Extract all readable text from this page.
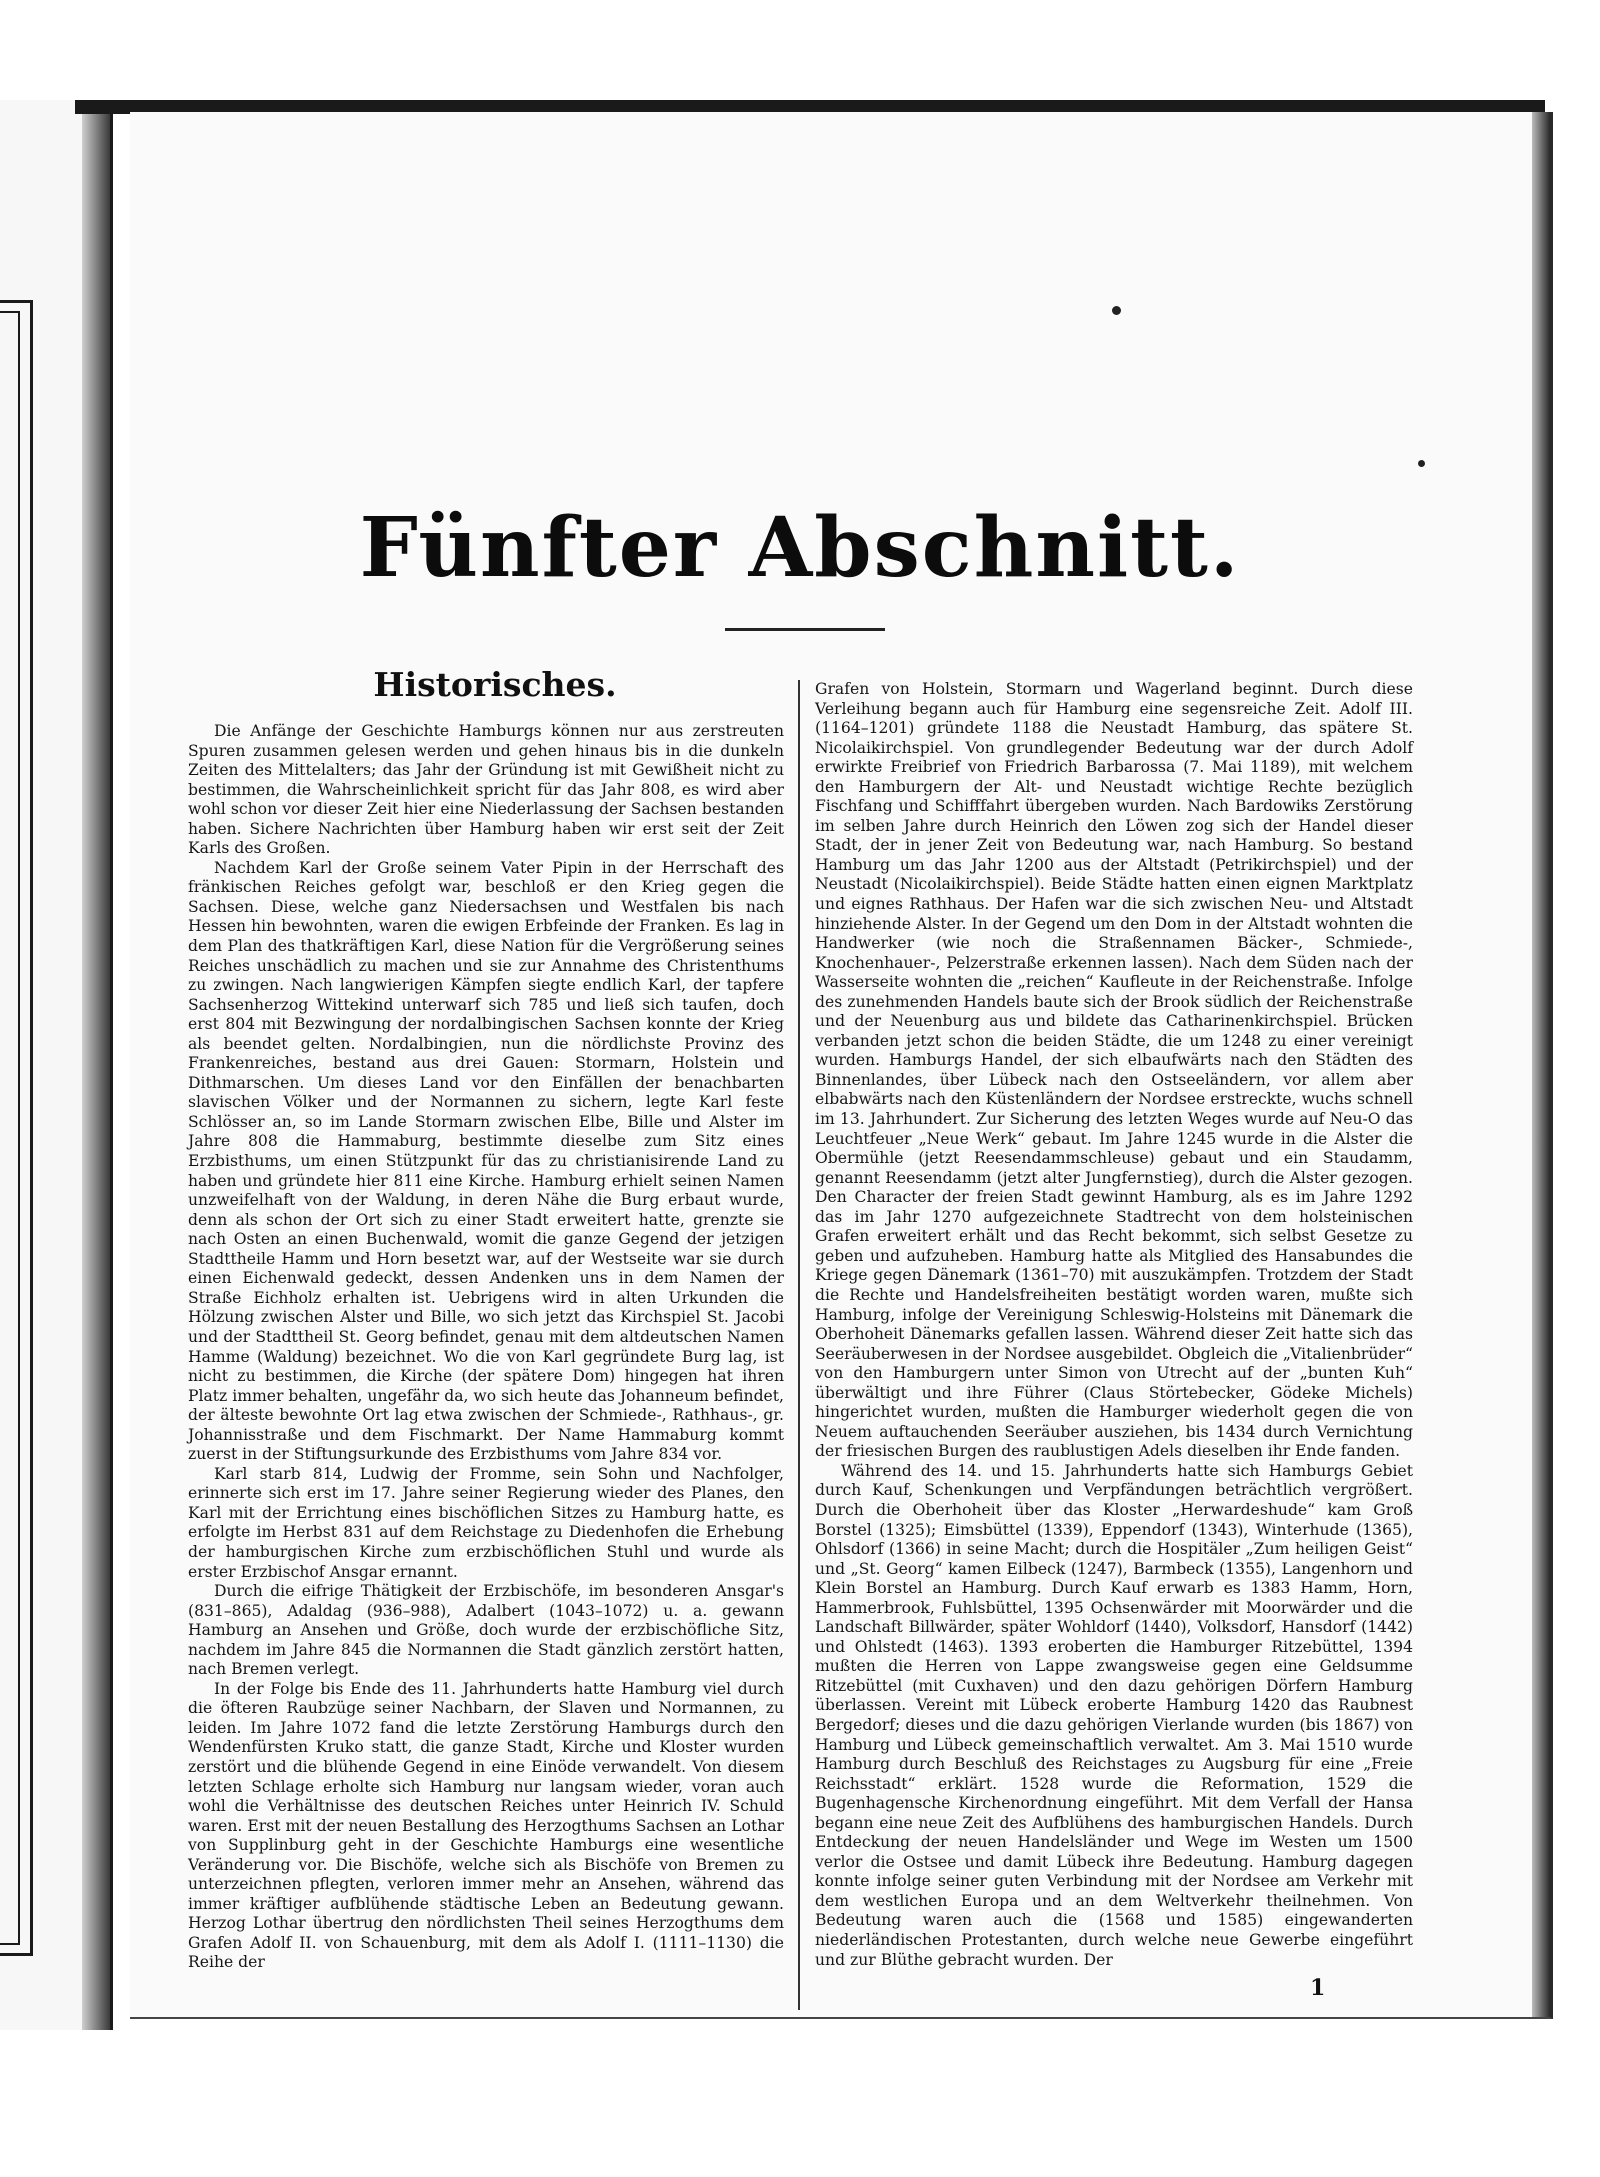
Fünfter Abschnitt.
Historisches.

Die Anfänge der Geschichte Hamburgs können nur aus zerstreuten Spuren zusammen gelesen werden und gehen hinaus bis in die dunkeln Zeiten des Mittelalters; das Jahr der Gründung ist mit Gewißheit nicht zu bestimmen, die Wahrscheinlichkeit spricht für das Jahr 808, es wird aber wohl schon vor dieser Zeit hier eine Niederlassung der Sachsen bestanden haben. Sichere Nachrichten über Hamburg haben wir erst seit der Zeit Karls des Großen.

Nachdem Karl der Große seinem Vater Pipin in der Herrschaft des fränkischen Reiches gefolgt war, beschloß er den Krieg gegen die Sachsen. Diese, welche ganz Niedersachsen und Westfalen bis nach Hessen hin bewohnten, waren die ewigen Erbfeinde der Franken. Es lag in dem Plan des thatkräftigen Karl, diese Nation für die Vergrößerung seines Reiches unschädlich zu machen und sie zur Annahme des Christenthums zu zwingen. Nach langwierigen Kämpfen siegte endlich Karl, der tapfere Sachsenherzog Wittekind unterwarf sich 785 und ließ sich taufen, doch erst 804 mit Bezwingung der nordalbingischen Sachsen konnte der Krieg als beendet gelten. Nordalbingien, nun die nördlichste Provinz des Frankenreiches, bestand aus drei Gauen: Stormarn, Holstein und Dithmarschen. Um dieses Land vor den Einfällen der benachbarten slavischen Völker und der Normannen zu sichern, legte Karl feste Schlösser an, so im Lande Stormarn zwischen Elbe, Bille und Alster im Jahre 808 die Hammaburg, bestimmte dieselbe zum Sitz eines Erzbisthums, um einen Stützpunkt für das zu christianisirende Land zu haben und gründete hier 811 eine Kirche. Hamburg erhielt seinen Namen unzweifelhaft von der Waldung, in deren Nähe die Burg erbaut wurde, denn als schon der Ort sich zu einer Stadt erweitert hatte, grenzte sie nach Osten an einen Buchenwald, womit die ganze Gegend der jetzigen Stadttheile Hamm und Horn besetzt war, auf der Westseite war sie durch einen Eichenwald gedeckt, dessen Andenken uns in dem Namen der Straße Eichholz erhalten ist. Uebrigens wird in alten Urkunden die Hölzung zwischen Alster und Bille, wo sich jetzt das Kirchspiel St. Jacobi und der Stadttheil St. Georg befindet, genau mit dem altdeutschen Namen Hamme (Waldung) bezeichnet. Wo die von Karl gegründete Burg lag, ist nicht zu bestimmen, die Kirche (der spätere Dom) hingegen hat ihren Platz immer behalten, ungefähr da, wo sich heute das Johanneum befindet, der älteste bewohnte Ort lag etwa zwischen der Schmiede-, Rathhaus-, gr. Johannisstraße und dem Fischmarkt. Der Name Hammaburg kommt zuerst in der Stiftungsurkunde des Erzbisthums vom Jahre 834 vor.

Karl starb 814, Ludwig der Fromme, sein Sohn und Nachfolger, erinnerte sich erst im 17. Jahre seiner Regierung wieder des Planes, den Karl mit der Errichtung eines bischöflichen Sitzes zu Hamburg hatte, es erfolgte im Herbst 831 auf dem Reichstage zu Diedenhofen die Erhebung der hamburgischen Kirche zum erzbischöflichen Stuhl und wurde als erster Erzbischof Ansgar ernannt.

Durch die eifrige Thätigkeit der Erzbischöfe, im besonderen Ansgar's (831–865), Adaldag (936–988), Adalbert (1043–1072) u. a. gewann Hamburg an Ansehen und Größe, doch wurde der erzbischöfliche Sitz, nachdem im Jahre 845 die Normannen die Stadt gänzlich zerstört hatten, nach Bremen verlegt.

In der Folge bis Ende des 11. Jahrhunderts hatte Hamburg viel durch die öfteren Raubzüge seiner Nachbarn, der Slaven und Normannen, zu leiden. Im Jahre 1072 fand die letzte Zerstörung Hamburgs durch den Wendenfürsten Kruko statt, die ganze Stadt, Kirche und Kloster wurden zerstört und die blühende Gegend in eine Einöde verwandelt. Von diesem letzten Schlage erholte sich Hamburg nur langsam wieder, voran auch wohl die Verhältnisse des deutschen Reiches unter Heinrich IV. Schuld waren. Erst mit der neuen Bestallung des Herzogthums Sachsen an Lothar von Supplinburg geht in der Geschichte Hamburgs eine wesentliche Veränderung vor. Die Bischöfe, welche sich als Bischöfe von Bremen zu unterzeichnen pflegten, verloren immer mehr an Ansehen, während das immer kräftiger aufblühende städtische Leben an Bedeutung gewann. Herzog Lothar übertrug den nördlichsten Theil seines Herzogthums dem Grafen Adolf II. von Schauenburg, mit dem als Adolf I. (1111–1130) die Reihe der

Grafen von Holstein, Stormarn und Wagerland beginnt. Durch diese Verleihung begann auch für Hamburg eine segensreiche Zeit. Adolf III. (1164–1201) gründete 1188 die Neustadt Hamburg, das spätere St. Nicolaikirchspiel. Von grundlegender Bedeutung war der durch Adolf erwirkte Freibrief von Friedrich Barbarossa (7. Mai 1189), mit welchem den Hamburgern der Alt- und Neustadt wichtige Rechte bezüglich Fischfang und Schifffahrt übergeben wurden. Nach Bardowiks Zerstörung im selben Jahre durch Heinrich den Löwen zog sich der Handel dieser Stadt, der in jener Zeit von Bedeutung war, nach Hamburg. So bestand Hamburg um das Jahr 1200 aus der Altstadt (Petrikirchspiel) und der Neustadt (Nicolaikirchspiel). Beide Städte hatten einen eignen Marktplatz und eignes Rathhaus. Der Hafen war die sich zwischen Neu- und Altstadt hinziehende Alster. In der Gegend um den Dom in der Altstadt wohnten die Handwerker (wie noch die Straßennamen Bäcker-, Schmiede-, Knochenhauer-, Pelzerstraße erkennen lassen). Nach dem Süden nach der Wasserseite wohnten die „reichen“ Kaufleute in der Reichenstraße. Infolge des zunehmenden Handels baute sich der Brook südlich der Reichenstraße und der Neuenburg aus und bildete das Catharinenkirchspiel. Brücken verbanden jetzt schon die beiden Städte, die um 1248 zu einer vereinigt wurden. Hamburgs Handel, der sich elbaufwärts nach den Städten des Binnenlandes, über Lübeck nach den Ostseeländern, vor allem aber elbabwärts nach den Küstenländern der Nordsee erstreckte, wuchs schnell im 13. Jahrhundert. Zur Sicherung des letzten Weges wurde auf Neu-O das Leuchtfeuer „Neue Werk“ gebaut. Im Jahre 1245 wurde in die Alster die Obermühle (jetzt Reesendammschleuse) gebaut und ein Staudamm, genannt Reesendamm (jetzt alter Jungfernstieg), durch die Alster gezogen. Den Character der freien Stadt gewinnt Hamburg, als es im Jahre 1292 das im Jahr 1270 aufgezeichnete Stadtrecht von dem holsteinischen Grafen erweitert erhält und das Recht bekommt, sich selbst Gesetze zu geben und aufzuheben. Hamburg hatte als Mitglied des Hansabundes die Kriege gegen Dänemark (1361–70) mit auszukämpfen. Trotzdem der Stadt die Rechte und Handelsfreiheiten bestätigt worden waren, mußte sich Hamburg, infolge der Vereinigung Schleswig-Holsteins mit Dänemark die Oberhoheit Dänemarks gefallen lassen. Während dieser Zeit hatte sich das Seeräuberwesen in der Nordsee ausgebildet. Obgleich die „Vitalienbrüder“ von den Hamburgern unter Simon von Utrecht auf der „bunten Kuh“ überwältigt und ihre Führer (Claus Störtebecker, Gödeke Michels) hingerichtet wurden, mußten die Hamburger wiederholt gegen die von Neuem auftauchenden Seeräuber ausziehen, bis 1434 durch Vernichtung der friesischen Burgen des raublustigen Adels dieselben ihr Ende fanden.

Während des 14. und 15. Jahrhunderts hatte sich Hamburgs Gebiet durch Kauf, Schenkungen und Verpfändungen beträchtlich vergrößert. Durch die Oberhoheit über das Kloster „Herwardeshude“ kam Groß Borstel (1325); Eimsbüttel (1339), Eppendorf (1343), Winterhude (1365), Ohlsdorf (1366) in seine Macht; durch die Hospitäler „Zum heiligen Geist“ und „St. Georg“ kamen Eilbeck (1247), Barmbeck (1355), Langenhorn und Klein Borstel an Hamburg. Durch Kauf erwarb es 1383 Hamm, Horn, Hammerbrook, Fuhlsbüttel, 1395 Ochsenwärder mit Moorwärder und die Landschaft Billwärder, später Wohldorf (1440), Volksdorf, Hansdorf (1442) und Ohlstedt (1463). 1393 eroberten die Hamburger Ritzebüttel, 1394 mußten die Herren von Lappe zwangsweise gegen eine Geldsumme Ritzebüttel (mit Cuxhaven) und den dazu gehörigen Dörfern Hamburg überlassen. Vereint mit Lübeck eroberte Hamburg 1420 das Raubnest Bergedorf; dieses und die dazu gehörigen Vierlande wurden (bis 1867) von Hamburg und Lübeck gemeinschaftlich verwaltet. Am 3. Mai 1510 wurde Hamburg durch Beschluß des Reichstages zu Augsburg für eine „Freie Reichsstadt“ erklärt. 1528 wurde die Reformation, 1529 die Bugenhagensche Kirchenordnung eingeführt. Mit dem Verfall der Hansa begann eine neue Zeit des Aufblühens des hamburgischen Handels. Durch Entdeckung der neuen Handelsländer und Wege im Westen um 1500 verlor die Ostsee und damit Lübeck ihre Bedeutung. Hamburg dagegen konnte infolge seiner guten Verbindung mit der Nordsee am Verkehr mit dem westlichen Europa und an dem Weltverkehr theilnehmen. Von Bedeutung waren auch die (1568 und 1585) eingewanderten niederländischen Protestanten, durch welche neue Gewerbe eingeführt und zur Blüthe gebracht wurden. Der

1
